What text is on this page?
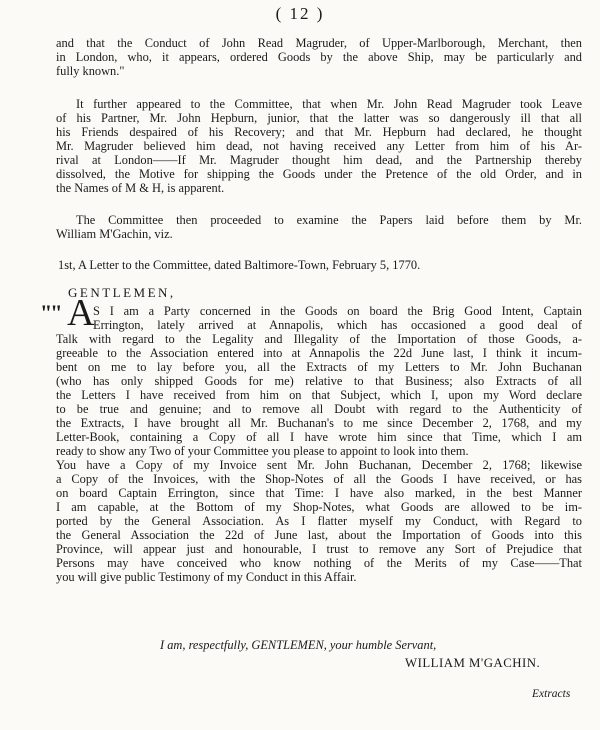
( 12 )
and that the Conduct of John Read Magruder, of Upper-Marlborough, Merchant, then
in London, who, it appears, ordered Goods by the above Ship, may be particularly and
fully known."
It further appeared to the Committee, that when Mr. John Read Magruder took Leave
of his Partner, Mr. John Hepburn, junior, that the latter was so dangerously ill that all
his Friends despaired of his Recovery; and that Mr. Hepburn had declared, he thought
Mr. Magruder believed him dead, not having received any Letter from him of his Ar-
rival at London——If Mr. Magruder thought him dead, and the Partnership thereby
dissolved, the Motive for shipping the Goods under the Pretence of the old Order, and in
the Names of M & H, is apparent.
The Committee then proceeded to examine the Papers laid before them by Mr.
William M'Gachin, viz.
1st, A Letter to the Committee, dated Baltimore-Town, February 5, 1770.
GENTLEMEN,
"" A
S I am a Party concerned in the Goods on board the Brig Good Intent, Captain
Errington, lately arrived at Annapolis, which has occasioned a good deal of
Talk with regard to the Legality and Illegality of the Importation of those Goods, a-
greeable to the Association entered into at Annapolis the 22d June last, I think it incum-
bent on me to lay before you, all the Extracts of my Letters to Mr. John Buchanan
(who has only shipped Goods for me) relative to that Business; also Extracts of all
the Letters I have received from him on that Subject, which I, upon my Word declare
to be true and genuine; and to remove all Doubt with regard to the Authenticity of
the Extracts, I have brought all Mr. Buchanan's to me since December 2, 1768, and my
Letter-Book, containing a Copy of all I have wrote him since that Time, which I am
ready to show any Two of your Committee you please to appoint to look into them.
You have a Copy of my Invoice sent Mr. John Buchanan, December 2, 1768; likewise
a Copy of the Invoices, with the Shop-Notes of all the Goods I have received, or has
on board Captain Errington, since that Time: I have also marked, in the best Manner
I am capable, at the Bottom of my Shop-Notes, what Goods are allowed to be im-
ported by the General Association. As I flatter myself my Conduct, with Regard to
the General Association the 22d of June last, about the Importation of Goods into this
Province, will appear just and honourable, I trust to remove any Sort of Prejudice that
Persons may have conceived who know nothing of the Merits of my Case——That
you will give public Testimony of my Conduct in this Affair.
I am, respectfully, GENTLEMEN, your humble Servant,
WILLIAM M'GACHIN.
Extracts
